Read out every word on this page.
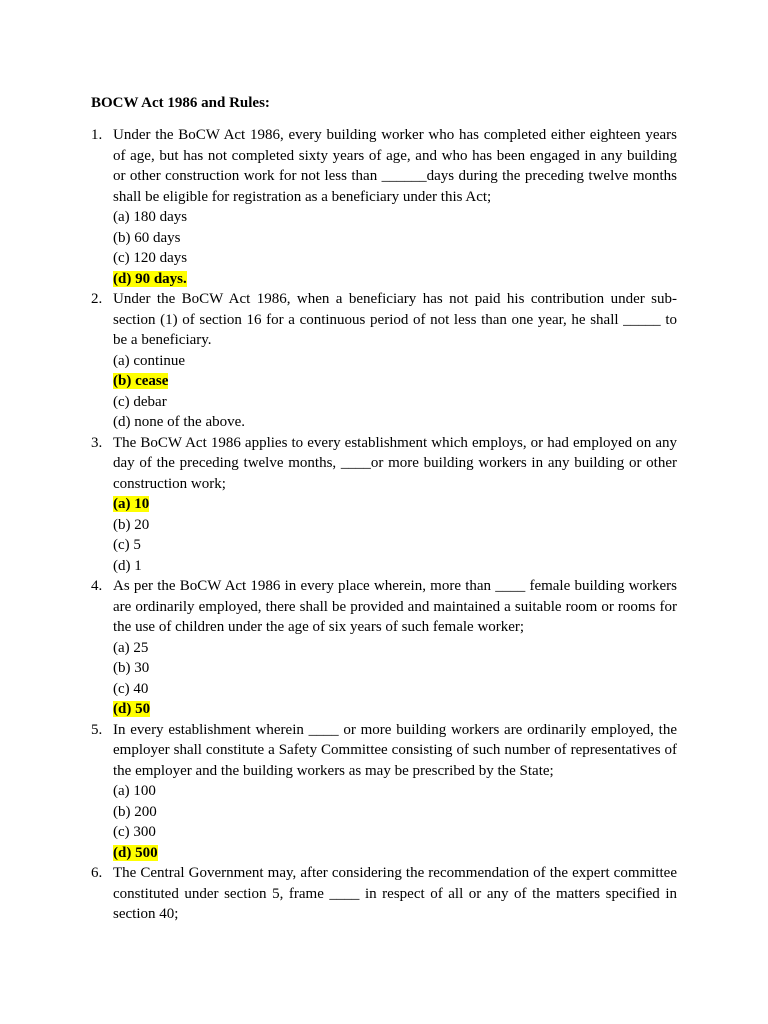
BOCW Act 1986 and Rules:
1. Under the BoCW Act 1986, every building worker who has completed either eighteen years of age, but has not completed sixty years of age, and who has been engaged in any building or other construction work for not less than ______days during the preceding twelve months shall be eligible for registration as a beneficiary under this Act;

(a) 180 days
(b) 60 days
(c) 120 days
(d) 90 days.
2. Under the BoCW Act 1986, when a beneficiary has not paid his contribution under sub-section (1) of section 16 for a continuous period of not less than one year, he shall _____ to be a beneficiary.

(a) continue
(b) cease
(c) debar
(d) none of the above.
3. The BoCW Act 1986 applies to every establishment which employs, or had employed on any day of the preceding twelve months, ____or more building workers in any building or other construction work;

(a) 10
(b) 20
(c) 5
(d) 1
4. As per the BoCW Act 1986 in every place wherein, more than ____ female building workers are ordinarily employed, there shall be provided and maintained a suitable room or rooms for the use of children under the age of six years of such female worker;

(a) 25
(b) 30
(c) 40
(d) 50
5. In every establishment wherein ____ or more building workers are ordinarily employed, the employer shall constitute a Safety Committee consisting of such number of representatives of the employer and the building workers as may be prescribed by the State;

(a) 100
(b) 200
(c) 300
(d) 500
6. The Central Government may, after considering the recommendation of the expert committee constituted under section 5, frame ____ in respect of all or any of the matters specified in section 40;
